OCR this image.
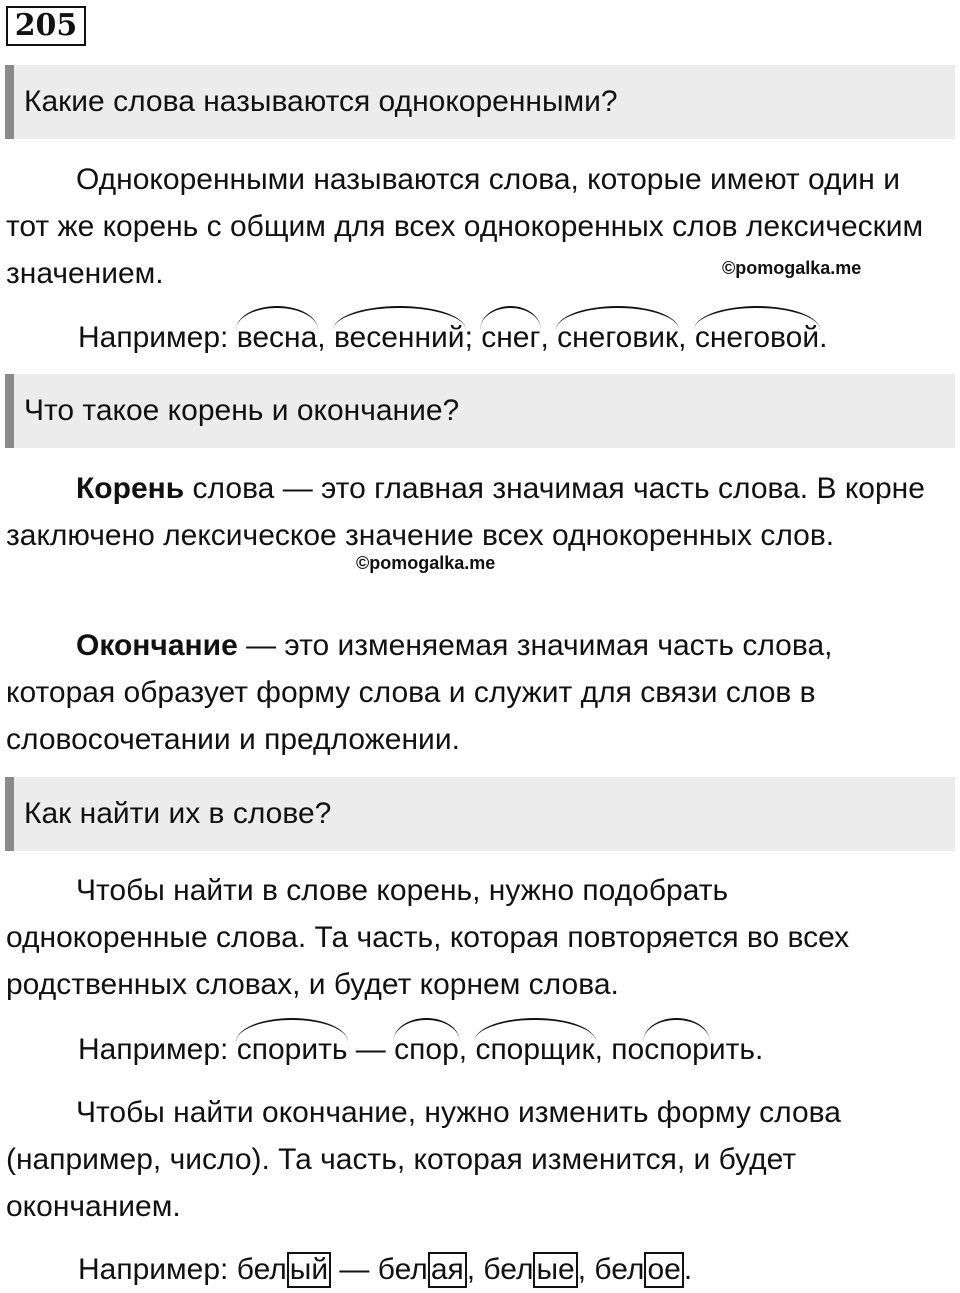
205
Какие слова называются однокоренными?

Однокоренными называются слова, которые имеют один и тот же корень с общим для всех однокоренных слов лексическим значением.	©pomogalka.me
Например: весна, весенний; снег, снеговик, снеговой.
Что такое корень и окончание?

Корень слова — это главная значимая часть слова. В корне заключено лексическое значение всех однокоренных слов.

©pomogalka.me

Окончание — это изменяемая значимая часть слова, которая образует форму слова и служит для связи слов в словосочетании и предложении.

Как найти их в слове?

Чтобы найти в слове корень, нужно подобрать однокоренные слова. Та часть, которая повторяется во всех родственных словах, и будет корнем слова.

Например: спорить — спор, спорщик, поспорить.

Чтобы найти окончание, нужно изменить форму слова (например, число). Та часть, которая изменится, и будет окончанием.

Например: бел ый — бел ая , бел ые , бел ое .
